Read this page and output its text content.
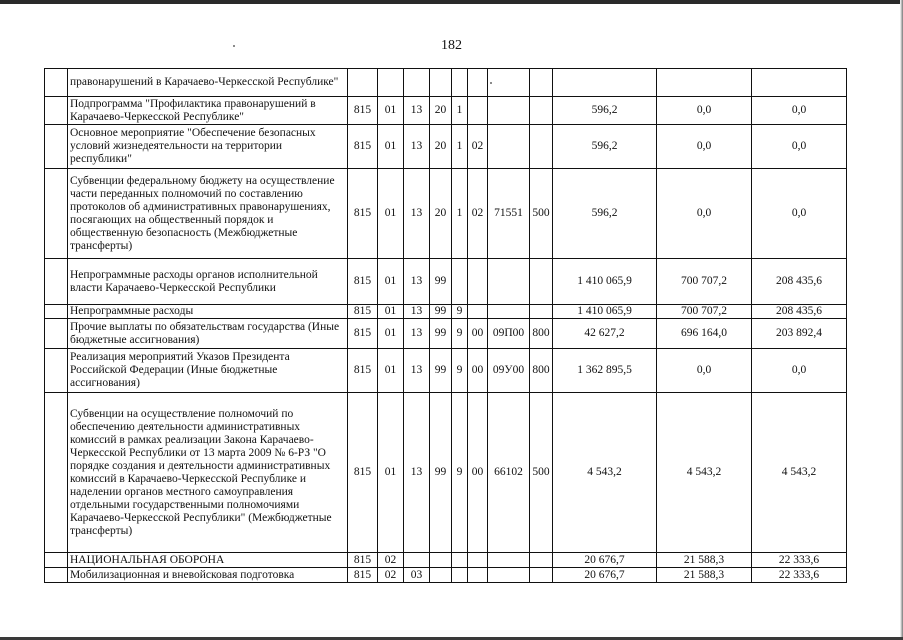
182
	правонарушений в Карачаево-Черкесской Республике"											
	Подпрограмма "Профилактика правонарушений в Карачаево-Черкесской Республике"	815	01	13	20	1				596,2	0,0	0,0
	Основное мероприятие "Обеспечение безопасных условий жизнедеятельности на территории республики"	815	01	13	20	1	02			596,2	0,0	0,0
	Субвенции федеральному бюджету на осуществление части переданных полномочий по составлению протоколов об административных правонарушениях, посягающих на общественный порядок и общественную безопасность (Межбюджетные трансферты)	815	01	13	20	1	02	71551	500	596,2	0,0	0,0
	Непрограммные расходы органов исполнительной власти Карачаево-Черкесской Республики	815	01	13	99					1 410 065,9	700 707,2	208 435,6
	Непрограммные расходы	815	01	13	99	9				1 410 065,9	700 707,2	208 435,6
	Прочие выплаты по обязательствам государства (Иные бюджетные ассигнования)	815	01	13	99	9	00	09П00	800	42 627,2	696 164,0	203 892,4
	Реализация мероприятий Указов Президента Российской Федерации (Иные бюджетные ассигнования)	815	01	13	99	9	00	09У00	800	1 362 895,5	0,0	0,0
	Субвенции на осуществление полномочий по обеспечению деятельности административных комиссий в рамках реализации Закона Карачаево-Черкесской Республики от 13 марта 2009 № 6-РЗ "О порядке создания и деятельности административных комиссий в Карачаево-Черкесской Республике и наделении органов местного самоуправления отдельными государственными полномочиями Карачаево-Черкесской Республики" (Межбюджетные трансферты)	815	01	13	99	9	00	66102	500	4 543,2	4 543,2	4 543,2
	НАЦИОНАЛЬНАЯ ОБОРОНА	815	02							20 676,7	21 588,3	22 333,6
	Мобилизационная и вневойсковая подготовка	815	02	03						20 676,7	21 588,3	22 333,6
